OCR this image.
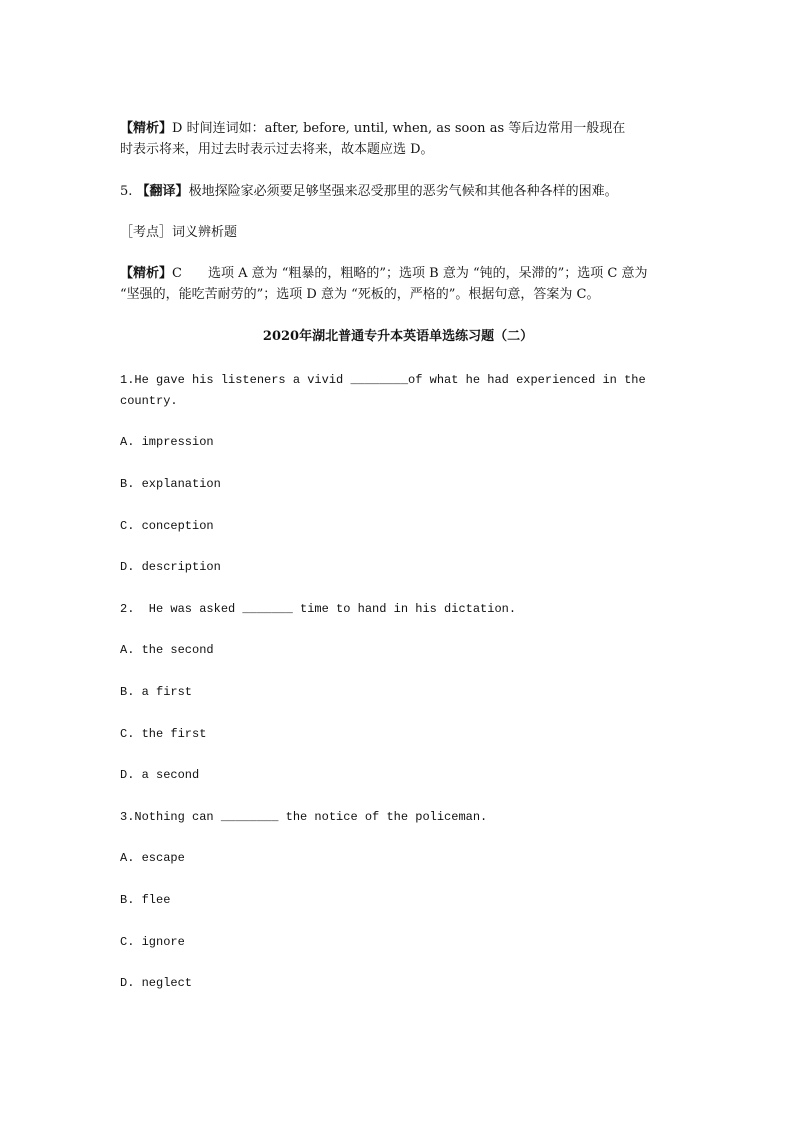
【精析】D 时间连词如：after, before, until, when, as soon as 等后边常用一般现在

时表示将来，用过去时表示过去将来，故本题应选 D。

5. 【翻译】极地探险家必须要足够坚强来忍受那里的恶劣气候和其他各种各样的困难。

［考点］词义辨析题

【精析】C　　选项 A 意为 “粗暴的，粗略的”；选项 B 意为 “钝的，呆滞的”；选项 C 意为

“坚强的，能吃苦耐劳的”；选项 D 意为 “死板的，严格的”。根据句意，答案为 C。

2020年湖北普通专升本英语单选练习题（二）

1.He gave his listeners a vivid ________of what he had experienced in the

country.

A. impression

B. explanation

C. conception

D. description

2.  He was asked _______ time to hand in his dictation.

A. the second

B. a first

C. the first

D. a second

3.Nothing can ________ the notice of the policeman.

A. escape

B. flee

C. ignore

D. neglect
